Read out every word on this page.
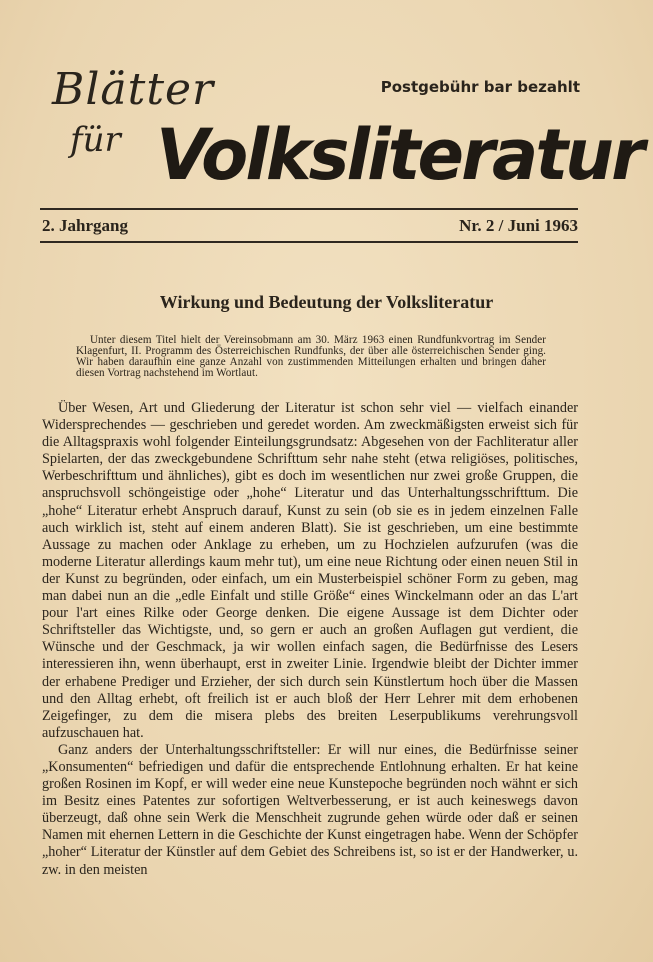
Blätter
für Volksliteratur
Postgebühr bar bezahlt
2. Jahrgang	Nr. 2 / Juni 1963
Wirkung und Bedeutung der Volksliteratur
Unter diesem Titel hielt der Vereinsobmann am 30. März 1963 einen Rundfunkvortrag im Sender Klagenfurt, II. Programm des Österreichischen Rundfunks, der über alle österreichischen Sender ging. Wir haben daraufhin eine ganze Anzahl von zustimmenden Mitteilungen erhalten und bringen daher diesen Vortrag nachstehend im Wortlaut.

Über Wesen, Art und Gliederung der Literatur ist schon sehr viel — vielfach einander Widersprechendes — geschrieben und geredet worden. Am zweckmäßigsten erweist sich für die Alltagspraxis wohl folgender Einteilungsgrundsatz: Abgesehen von der Fachliteratur aller Spielarten, der das zweckgebundene Schrifttum sehr nahe steht (etwa religiöses, politisches, Werbeschrifttum und ähnliches), gibt es doch im wesentlichen nur zwei große Gruppen, die anspruchsvoll schöngeistige oder „hohe“ Literatur und das Unterhaltungsschrifttum. Die „hohe“ Literatur erhebt Anspruch darauf, Kunst zu sein (ob sie es in jedem einzelnen Falle auch wirklich ist, steht auf einem anderen Blatt). Sie ist geschrieben, um eine bestimmte Aussage zu machen oder Anklage zu erheben, um zu Hochzielen aufzurufen (was die moderne Literatur allerdings kaum mehr tut), um eine neue Richtung oder einen neuen Stil in der Kunst zu begründen, oder einfach, um ein Musterbeispiel schöner Form zu geben, mag man dabei nun an die „edle Einfalt und stille Größe“ eines Winckelmann oder an das L'art pour l'art eines Rilke oder George denken. Die eigene Aussage ist dem Dichter oder Schriftsteller das Wichtigste, und, so gern er auch an großen Auflagen gut verdient, die Wünsche und der Geschmack, ja wir wollen einfach sagen, die Bedürfnisse des Lesers interessieren ihn, wenn überhaupt, erst in zweiter Linie. Irgendwie bleibt der Dichter immer der erhabene Prediger und Erzieher, der sich durch sein Künstlertum hoch über die Massen und den Alltag erhebt, oft freilich ist er auch bloß der Herr Lehrer mit dem erhobenen Zeigefinger, zu dem die misera plebs des breiten Leserpublikums verehrungsvoll aufzuschauen hat.

Ganz anders der Unterhaltungsschriftsteller: Er will nur eines, die Bedürfnisse seiner „Konsumenten“ befriedigen und dafür die entsprechende Entlohnung erhalten. Er hat keine großen Rosinen im Kopf, er will weder eine neue Kunstepoche begründen noch wähnt er sich im Besitz eines Patentes zur sofortigen Weltverbesserung, er ist auch keineswegs davon überzeugt, daß ohne sein Werk die Menschheit zugrunde gehen würde oder daß er seinen Namen mit ehernen Lettern in die Geschichte der Kunst eingetragen habe. Wenn der Schöpfer „hoher“ Literatur der Künstler auf dem Gebiet des Schreibens ist, so ist er der Handwerker, u. zw. in den meisten
